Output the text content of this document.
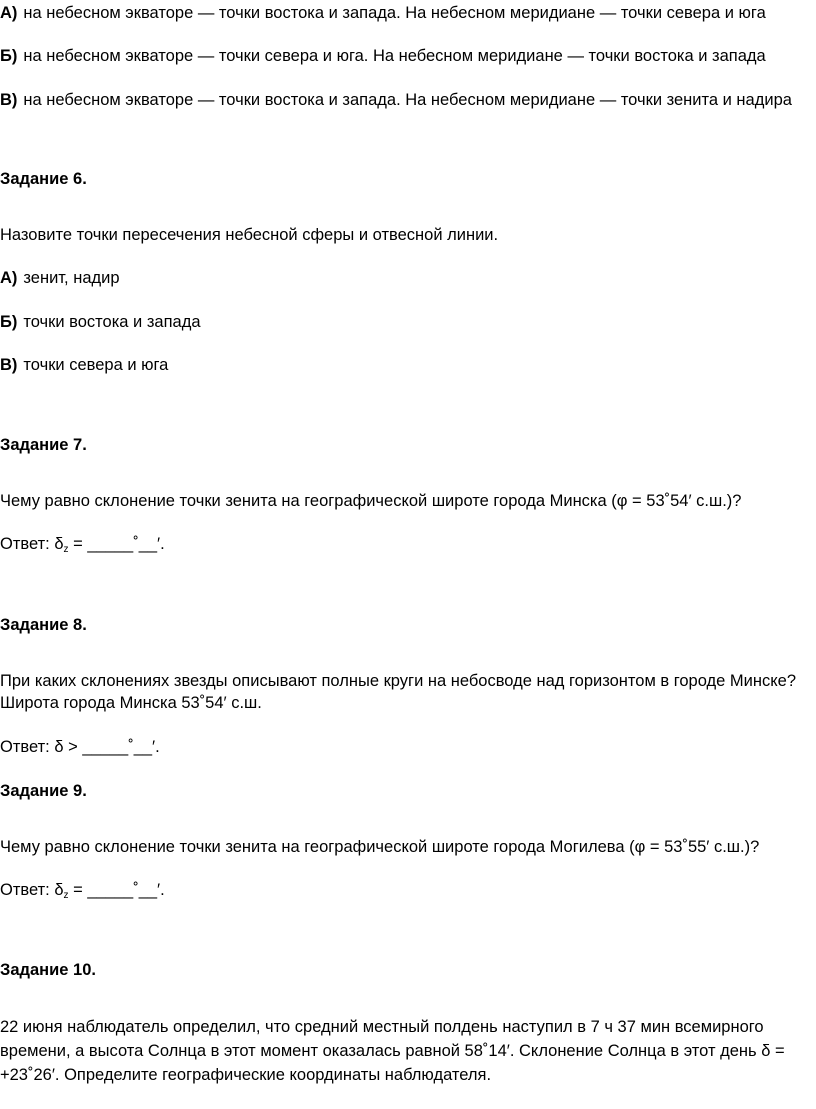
А) на небесном экваторе — точки востока и запада. На небесном меридиане — точки севера и юга
Б) на небесном экваторе — точки севера и юга. На небесном меридиане — точки востока и запада
В) на небесном экваторе — точки востока и запада. На небесном меридиане — точки зенита и надира
Задание 6.
Назовите точки пересечения небесной сферы и отвесной линии.
А) зенит, надир
Б) точки востока и запада
В) точки севера и юга
Задание 7.
Чему равно склонение точки зенита на географической широте города Минска (φ = 53˚54′ с.ш.)?
Ответ: $\delta_z$ = _____˚__′.
Задание 8.
При каких склонениях звезды описывают полные круги на небосводе над горизонтом в городе Минске?
Широта города Минска 53˚54′ с.ш.
Ответ: δ > _____˚__′.
Задание 9.
Чему равно склонение точки зенита на географической широте города Могилева (φ = 53˚55′ с.ш.)?
Ответ: $\delta_z$ = _____˚__′.
Задание 10.
22 июня наблюдатель определил, что средний местный полдень наступил в 7 ч 37 мин всемирного
времени, а высота Солнца в этот момент оказалась равной 58˚14′. Склонение Солнца в этот день δ =
+23˚26′. Определите географические координаты наблюдателя.
